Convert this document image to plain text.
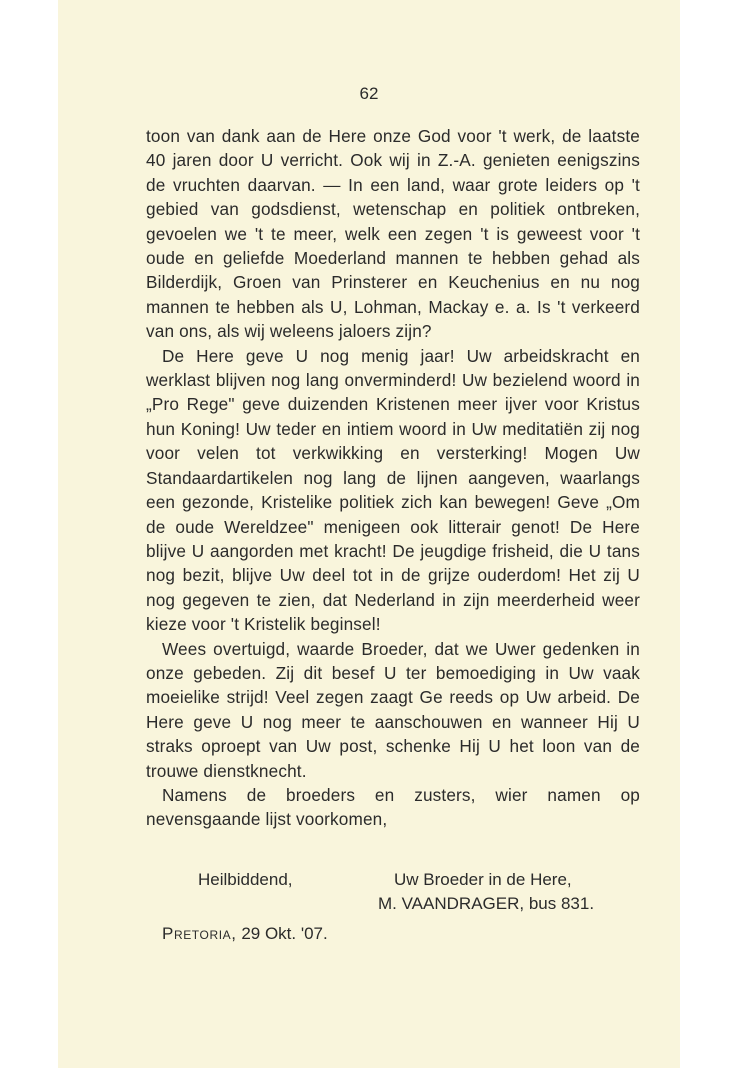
62

toon van dank aan de Here onze God voor 't werk, de laatste 40 jaren door U verricht. Ook wij in Z.-A. genieten eenigszins de vruchten daarvan. — In een land, waar grote leiders op 't gebied van godsdienst, wetenschap en politiek ontbreken, gevoelen we 't te meer, welk een zegen 't is geweest voor 't oude en geliefde Moederland mannen te hebben gehad als Bilderdijk, Groen van Prinsterer en Keuchenius en nu nog mannen te hebben als U, Lohman, Mackay e. a. Is 't verkeerd van ons, als wij weleens jaloers zijn?

De Here geve U nog menig jaar! Uw arbeidskracht en werklast blijven nog lang onverminderd! Uw bezielend woord in „Pro Rege" geve duizenden Kristenen meer ijver voor Kristus hun Koning! Uw teder en intiem woord in Uw meditatiën zij nog voor velen tot verkwikking en versterking! Mogen Uw Standaardartikelen nog lang de lijnen aangeven, waarlangs een gezonde, Kristelike politiek zich kan bewegen! Geve „Om de oude Wereldzee" menigeen ook litterair genot! De Here blijve U aangorden met kracht! De jeugdige frisheid, die U tans nog bezit, blijve Uw deel tot in de grijze ouderdom! Het zij U nog gegeven te zien, dat Nederland in zijn meerderheid weer kieze voor 't Kristelik beginsel!

Wees overtuigd, waarde Broeder, dat we Uwer gedenken in onze gebeden. Zij dit besef U ter bemoediging in Uw vaak moeielike strijd! Veel zegen zaagt Ge reeds op Uw arbeid. De Here geve U nog meer te aanschouwen en wanneer Hij U straks oproept van Uw post, schenke Hij U het loon van de trouwe dienstknecht.

Namens de broeders en zusters, wier namen op nevensgaande lijst voorkomen,

Heilbiddend,	Uw Broeder in de Here,
M. VAANDRAGER, bus 831.
Pretoria, 29 Okt. '07.
